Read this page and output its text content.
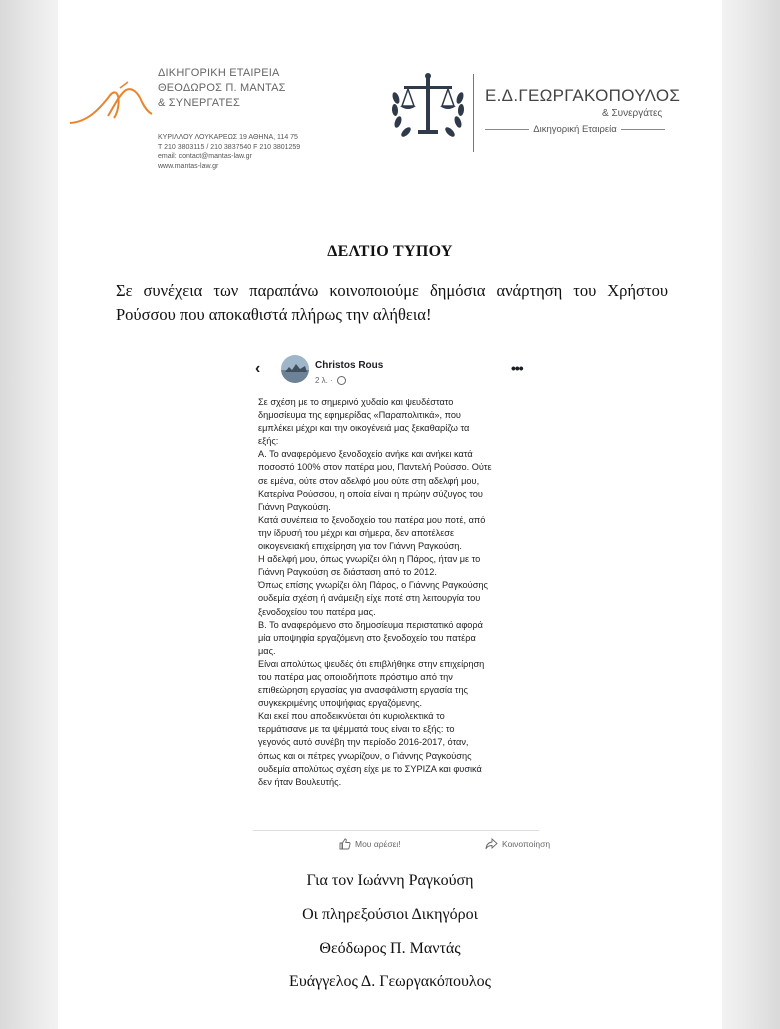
ΔΙΚΗΓΟΡΙΚΗ ΕΤΑΙΡΕΙΑ
ΘΕΟΔΩΡΟΣ Π. ΜΑΝΤΑΣ
& ΣΥΝΕΡΓΑΤΕΣ
ΚΥΡΙΛΛΟΥ ΛΟΥΚΑΡΕΩΣ 19 ΑΘΗΝΑ, 114 75
T 210 3803115 / 210 3837540 F 210 3801259
email: contact@mantas-law.gr
www.mantas-law.gr
Ε.Δ.ΓΕΩΡΓΑΚΟΠΟΥΛΟΣ
& Συνεργάτες
Δικηγορική Εταιρεία
ΔΕΛΤΙΟ ΤΥΠΟΥ
Σε συνέχεια των παραπάνω κοινοποιούμε δημόσια ανάρτηση του Χρήστου Ρούσσου που αποκαθιστά πλήρως την αλήθεια!
‹	Christos Rous
2 λ. ·
•••
Σε σχέση με το σημερινό χυδαίο και ψευδέστατο
δημοσίευμα της εφημερίδας «Παραπολιτικά», που
εμπλέκει μέχρι και την οικογένειά μας ξεκαθαρίζω τα
εξής:
Α. Το αναφερόμενο ξενοδοχείο ανήκε και ανήκει κατά
ποσοστό 100% στον πατέρα μου, Παντελή Ρούσσο. Ούτε
σε εμένα, ούτε στον αδελφό μου ούτε στη αδελφή μου,
Κατερίνα Ρούσσου, η οποία είναι η πρώην σύζυγος του
Γιάννη Ραγκούση.
Κατά συνέπεια το ξενοδοχείο του πατέρα μου ποτέ, από
την ίδρυσή του μέχρι και σήμερα, δεν αποτέλεσε
οικογενειακή επιχείρηση για τον Γιάννη Ραγκούση.
Η αδελφή μου, όπως γνωρίζει όλη η Πάρος, ήταν με το
Γιάννη Ραγκούση σε διάσταση από το 2012.
Όπως επίσης γνωρίζει όλη Πάρος, ο Γιάννης Ραγκούσης
ουδεμία σχέση ή ανάμειξη είχε ποτέ στη λειτουργία του
ξενοδοχείου του πατέρα μας.
Β. Το αναφερόμενο στο δημοσίευμα περιστατικό αφορά
μία υποψηφία εργαζόμενη στο ξενοδοχείο του πατέρα
μας.
Είναι απολύτως ψευδές ότι επιβλήθηκε στην επιχείρηση
του πατέρα μας οποιοδήποτε πρόστιμο από την
επιθεώρηση εργασίας για ανασφάλιστη εργασία της
συγκεκριμένης υποψήφιας εργαζόμενης.
Και εκεί που αποδεικνύεται ότι κυριολεκτικά το
τερμάτισανε με τα ψέμματά τους είναι το εξής: το
γεγονός αυτό συνέβη την περίοδο 2016-2017, όταν,
όπως και οι πέτρες γνωρίζουν, ο Γιάννης Ραγκούσης
ουδεμία απολύτως σχέση είχε με το ΣΥΡΙΖΑ και φυσικά
δεν ήταν Βουλευτής.
Μου αρέσει!	Κοινοποίηση
Για τον Ιωάννη Ραγκούση
Οι πληρεξούσιοι Δικηγόροι
Θεόδωρος Π. Μαντάς
Ευάγγελος Δ. Γεωργακόπουλος
